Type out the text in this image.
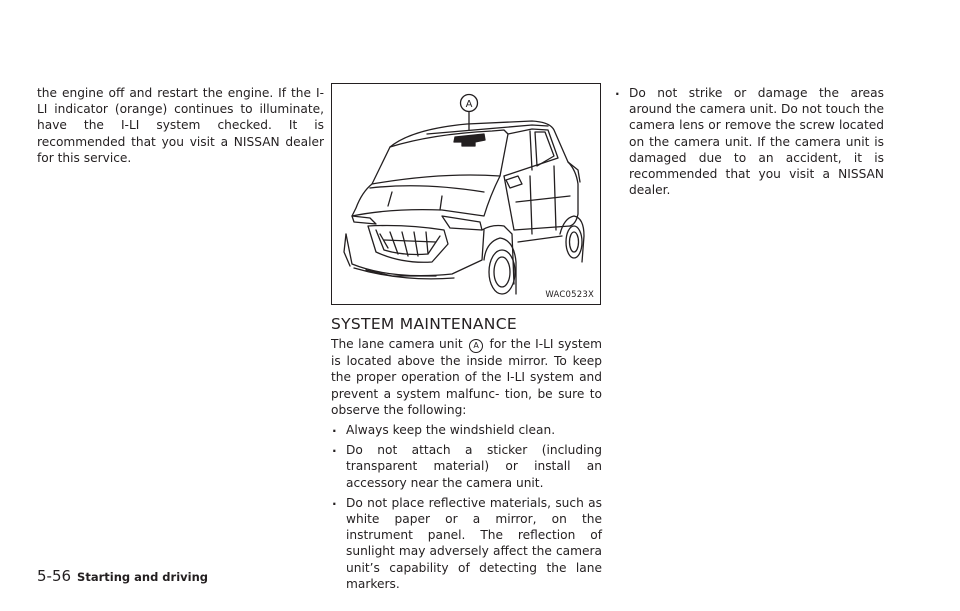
the engine off and restart the engine. If the I-LI indicator (orange) continues to illuminate, have the I-LI system checked. It is recommended that you visit a NISSAN dealer for this service.

A
WAC0523X
SYSTEM MAINTENANCE

The lane camera unit A for the I-LI system is located above the inside mirror. To keep the proper operation of the I-LI system and prevent a system malfunc- tion, be sure to observe the following:

. Always keep the windshield clean.
. Do not attach a sticker (including transparent material) or install an accessory near the camera unit.
. Do not place reflective materials, such as white paper or a mirror, on the instrument panel. The reflection of sunlight may adversely affect the camera unit’s capability of detecting the lane markers.
. Do not strike or damage the areas around the camera unit. Do not touch the camera lens or remove the screw located on the camera unit. If the camera unit is damaged due to an accident, it is recommended that you visit a NISSAN dealer.
5-56 Starting and driving
